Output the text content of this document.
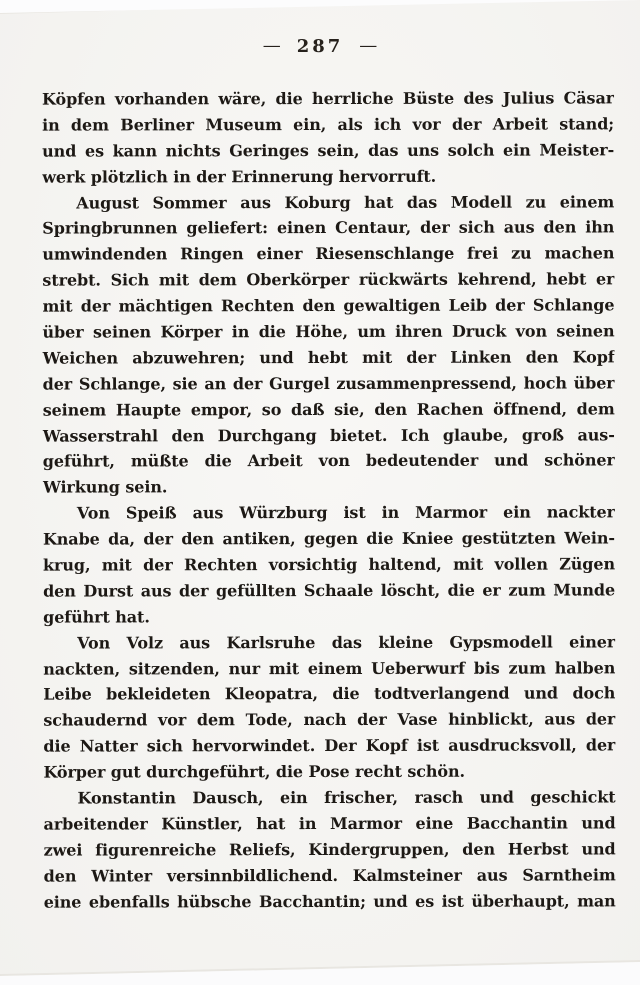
— 287 —
Köpfen vorhanden wäre, die herrliche Büste des Julius Cäsar
in dem Berliner Museum ein, als ich vor der Arbeit stand;
und es kann nichts Geringes sein, das uns solch ein Meister-
werk plötzlich in der Erinnerung hervorruft.
August Sommer aus Koburg hat das Modell zu einem
Springbrunnen geliefert: einen Centaur, der sich aus den ihn
umwindenden Ringen einer Riesenschlange frei zu machen
strebt. Sich mit dem Oberkörper rückwärts kehrend, hebt er
mit der mächtigen Rechten den gewaltigen Leib der Schlange
über seinen Körper in die Höhe, um ihren Druck von seinen
Weichen abzuwehren; und hebt mit der Linken den Kopf
der Schlange, sie an der Gurgel zusammenpressend, hoch über
seinem Haupte empor, so daß sie, den Rachen öffnend, dem
Wasserstrahl den Durchgang bietet. Ich glaube, groß aus-
geführt, müßte die Arbeit von bedeutender und schöner
Wirkung sein.
Von Speiß aus Würzburg ist in Marmor ein nackter
Knabe da, der den antiken, gegen die Kniee gestützten Wein-
krug, mit der Rechten vorsichtig haltend, mit vollen Zügen
den Durst aus der gefüllten Schaale löscht, die er zum Munde
geführt hat.
Von Volz aus Karlsruhe das kleine Gypsmodell einer
nackten, sitzenden, nur mit einem Ueberwurf bis zum halben
Leibe bekleideten Kleopatra, die todtverlangend und doch
schaudernd vor dem Tode, nach der Vase hinblickt, aus der
die Natter sich hervorwindet. Der Kopf ist ausdrucksvoll, der
Körper gut durchgeführt, die Pose recht schön.
Konstantin Dausch, ein frischer, rasch und geschickt
arbeitender Künstler, hat in Marmor eine Bacchantin und
zwei figurenreiche Reliefs, Kindergruppen, den Herbst und
den Winter versinnbildlichend. Kalmsteiner aus Sarntheim
eine ebenfalls hübsche Bacchantin; und es ist überhaupt, man
